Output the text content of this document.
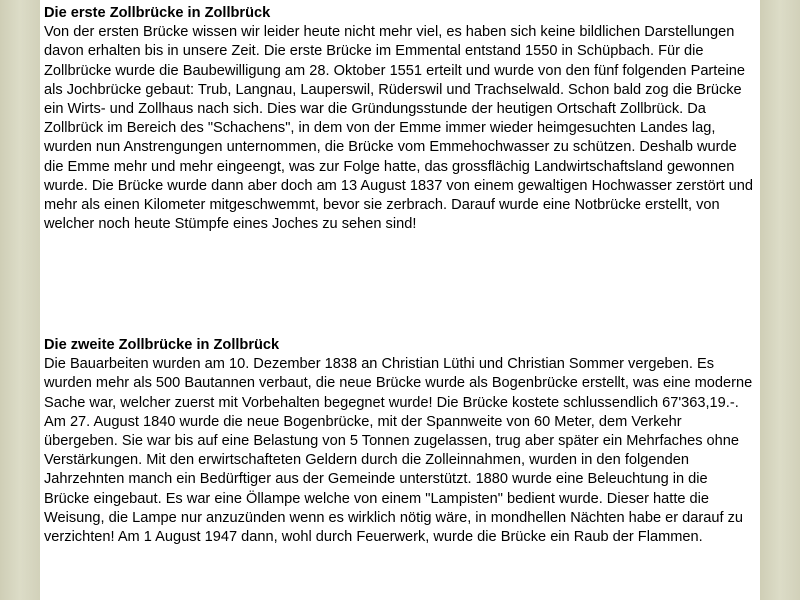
Die erste Zollbrücke in Zollbrück

Von der ersten Brücke wissen wir leider heute nicht mehr viel, es haben sich keine bildlichen Darstellungen davon erhalten bis in unsere Zeit. Die erste Brücke im Emmental entstand 1550 in Schüpbach. Für die Zollbrücke wurde die Baubewilligung am 28. Oktober 1551 erteilt und wurde von den fünf folgenden Parteine als Jochbrücke gebaut: Trub, Langnau, Lauperswil, Rüderswil und Trachselwald. Schon bald zog die Brücke ein Wirts- und Zollhaus nach sich. Dies war die Gründungsstunde der heutigen Ortschaft Zollbrück. Da Zollbrück im Bereich des "Schachens", in dem von der Emme immer wieder heimgesuchten Landes lag, wurden nun Anstrengungen unternommen, die Brücke vom Emmehochwasser zu schützen. Deshalb wurde die Emme mehr und mehr eingeengt, was zur Folge hatte, das grossflächig Landwirtschaftsland gewonnen wurde. Die Brücke wurde dann aber doch am 13 August 1837 von einem gewaltigen Hochwasser zerstört und mehr als einen Kilometer mitgeschwemmt, bevor sie zerbrach. Darauf wurde eine Notbrücke erstellt, von welcher noch heute Stümpfe eines Joches zu sehen sind!

Die zweite Zollbrücke in Zollbrück

Die Bauarbeiten wurden am 10. Dezember 1838 an Christian Lüthi und Christian Sommer vergeben. Es wurden mehr als 500 Bautannen verbaut, die neue Brücke wurde als Bogenbrücke erstellt, was eine moderne Sache war, welcher zuerst mit Vorbehalten begegnet wurde! Die Brücke kostete schlussendlich 67'363,19.-. Am 27. August 1840 wurde die neue Bogenbrücke, mit der Spannweite von 60 Meter, dem Verkehr übergeben. Sie war bis auf eine Belastung von 5 Tonnen zugelassen, trug aber später ein Mehrfaches ohne Verstärkungen. Mit den erwirtschafteten Geldern durch die Zolleinnahmen, wurden in den folgenden Jahrzehnten manch ein Bedürftiger aus der Gemeinde unterstützt. 1880 wurde eine Beleuchtung in die Brücke eingebaut. Es war eine Öllampe welche von einem "Lampisten" bedient wurde. Dieser hatte die Weisung, die Lampe nur anzuzünden wenn es wirklich nötig wäre, in mondhellen Nächten habe er darauf zu verzichten! Am 1 August 1947 dann, wohl durch Feuerwerk, wurde die Brücke ein Raub der Flammen.
